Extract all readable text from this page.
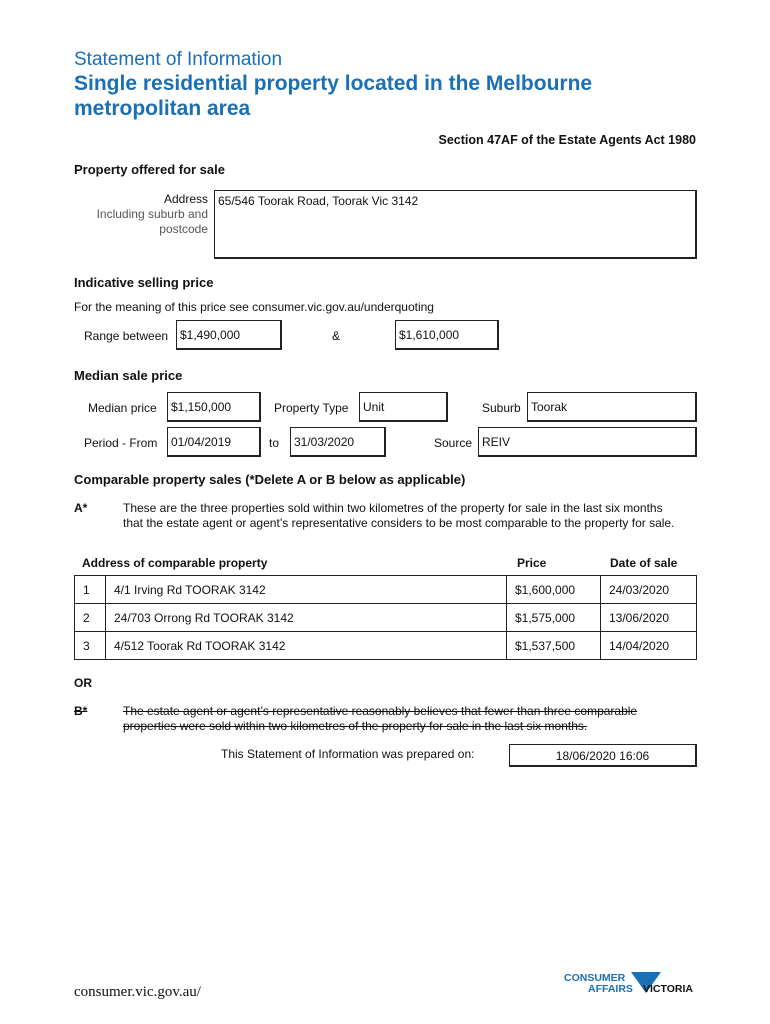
Statement of Information
Single residential property located in the Melbourne metropolitan area
Section 47AF of the Estate Agents Act 1980
Property offered for sale
Address
Including suburb and
postcode
65/546 Toorak Road, Toorak Vic 3142
Indicative selling price
For the meaning of this price see consumer.vic.gov.au/underquoting
Range between $1,490,000	&	$1,610,000
Median sale price
Median price	$1,150,000	Property Type	Unit	Suburb Toorak
Period - From	01/04/2019	to	31/03/2020	Source REIV
Comparable property sales (*Delete A or B below as applicable)
A*	These are the three properties sold within two kilometres of the property for sale in the last six months that the estate agent or agent’s representative considers to be most comparable to the property for sale.
Address of comparable property	Price	Date of sale
1	4/1 Irving Rd TOORAK 3142	$1,600,000	24/03/2020
2	24/703 Orrong Rd TOORAK 3142	$1,575,000	13/06/2020
3	4/512 Toorak Rd TOORAK 3142	$1,537,500	14/04/2020
OR
B*	The estate agent or agent’s representative reasonably believes that fewer than three comparable properties were sold within two kilometres of the property for sale in the last six months.
This Statement of Information was prepared on:	18/06/2020 16:06
consumer.vic.gov.au/
CONSUMER
AFFAIRS VICTORIA
